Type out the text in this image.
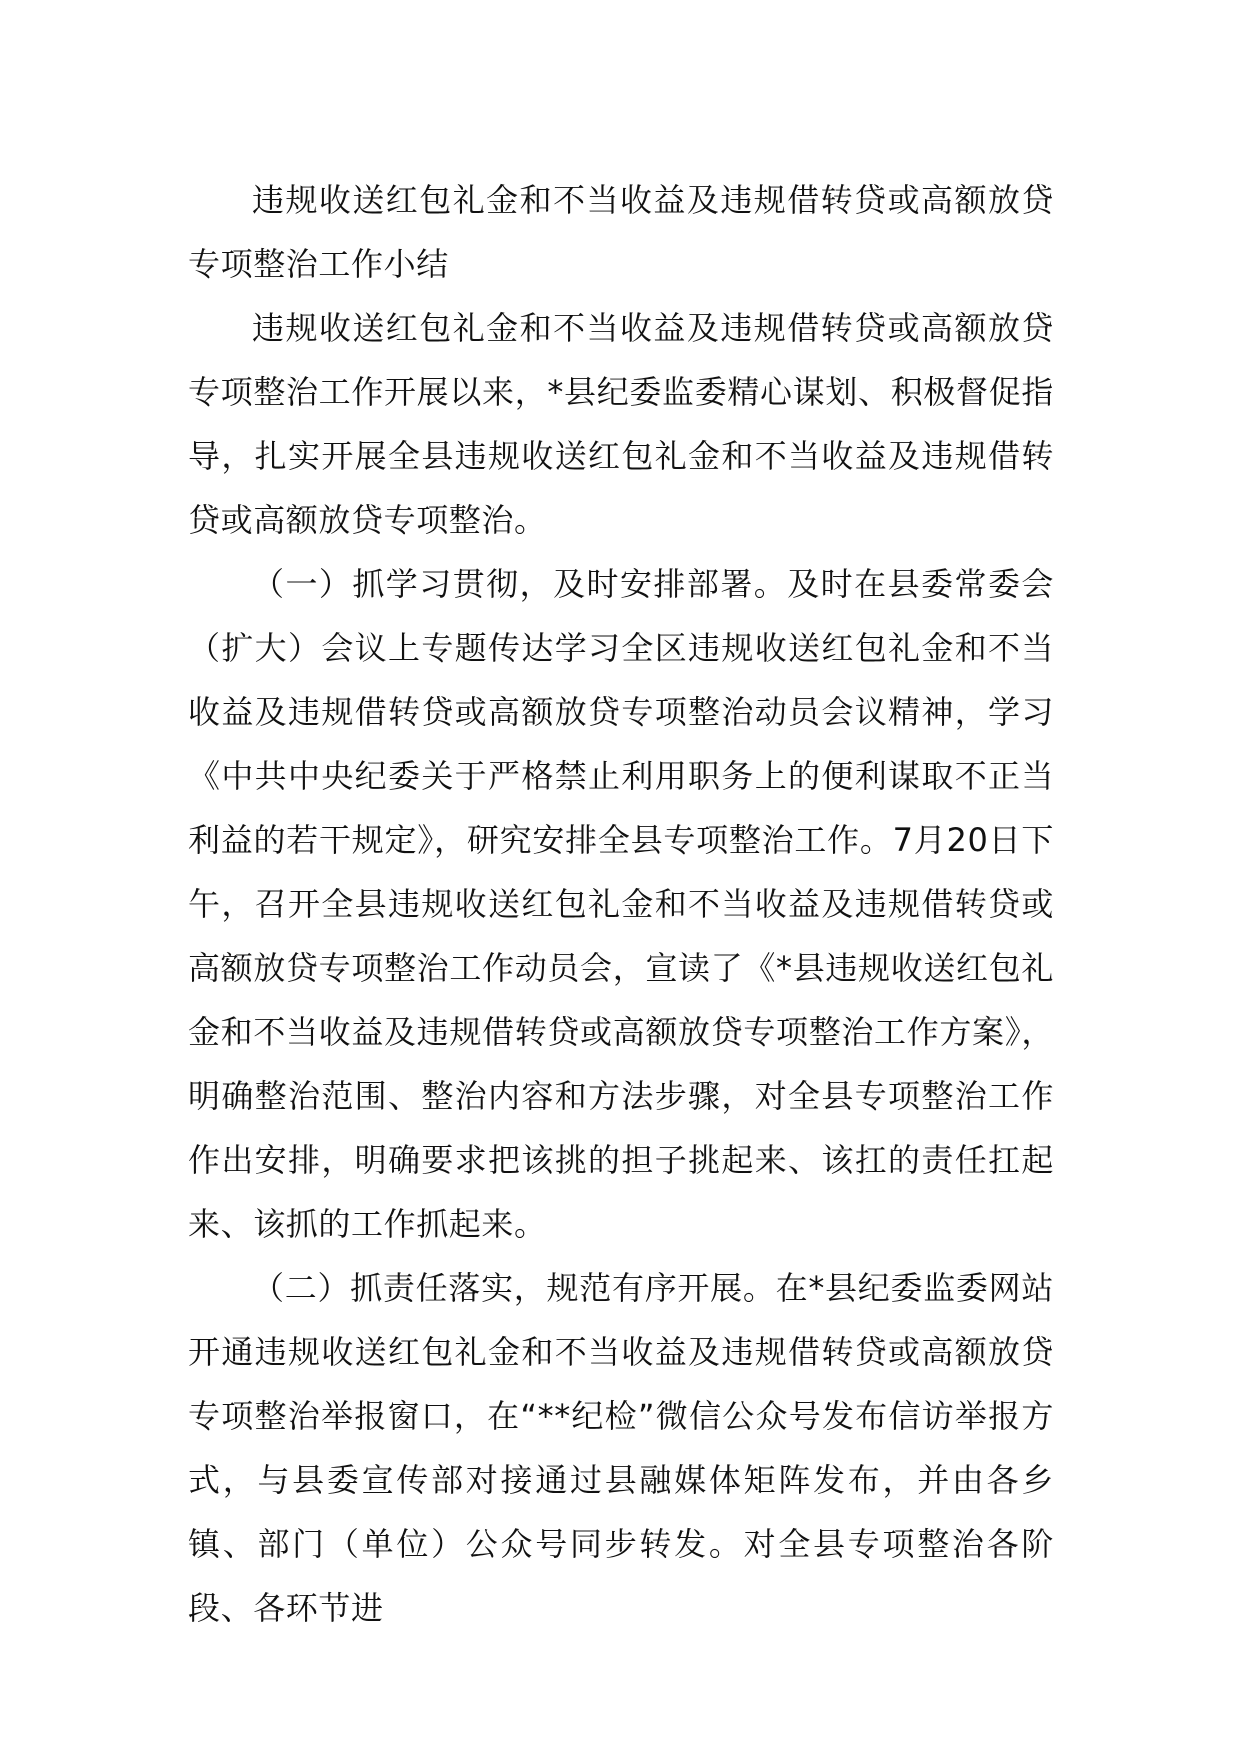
违规收送红包礼金和不当收益及违规借转贷或高额放贷专项整治工作小结

违规收送红包礼金和不当收益及违规借转贷或高额放贷专项整治工作开展以来，*县纪委监委精心谋划、积极督促指导，扎实开展全县违规收送红包礼金和不当收益及违规借转贷或高额放贷专项整治。

（一）抓学习贯彻，及时安排部署。及时在县委常委会（扩大）会议上专题传达学习全区违规收送红包礼金和不当收益及违规借转贷或高额放贷专项整治动员会议精神，学习《中共中央纪委关于严格禁止利用职务上的便利谋取不正当利益的若干规定》，研究安排全县专项整治工作。7月20日下午，召开全县违规收送红包礼金和不当收益及违规借转贷或高额放贷专项整治工作动员会，宣读了《*县违规收送红包礼金和不当收益及违规借转贷或高额放贷专项整治工作方案》，明确整治范围、整治内容和方法步骤，对全县专项整治工作作出安排，明确要求把该挑的担子挑起来、该扛的责任扛起来、该抓的工作抓起来。

（二）抓责任落实，规范有序开展。在*县纪委监委网站开通违规收送红包礼金和不当收益及违规借转贷或高额放贷专项整治举报窗口，在“**纪检”微信公众号发布信访举报方式，与县委宣传部对接通过县融媒体矩阵发布，并由各乡镇、部门（单位）公众号同步转发。对全县专项整治各阶段、各环节进
